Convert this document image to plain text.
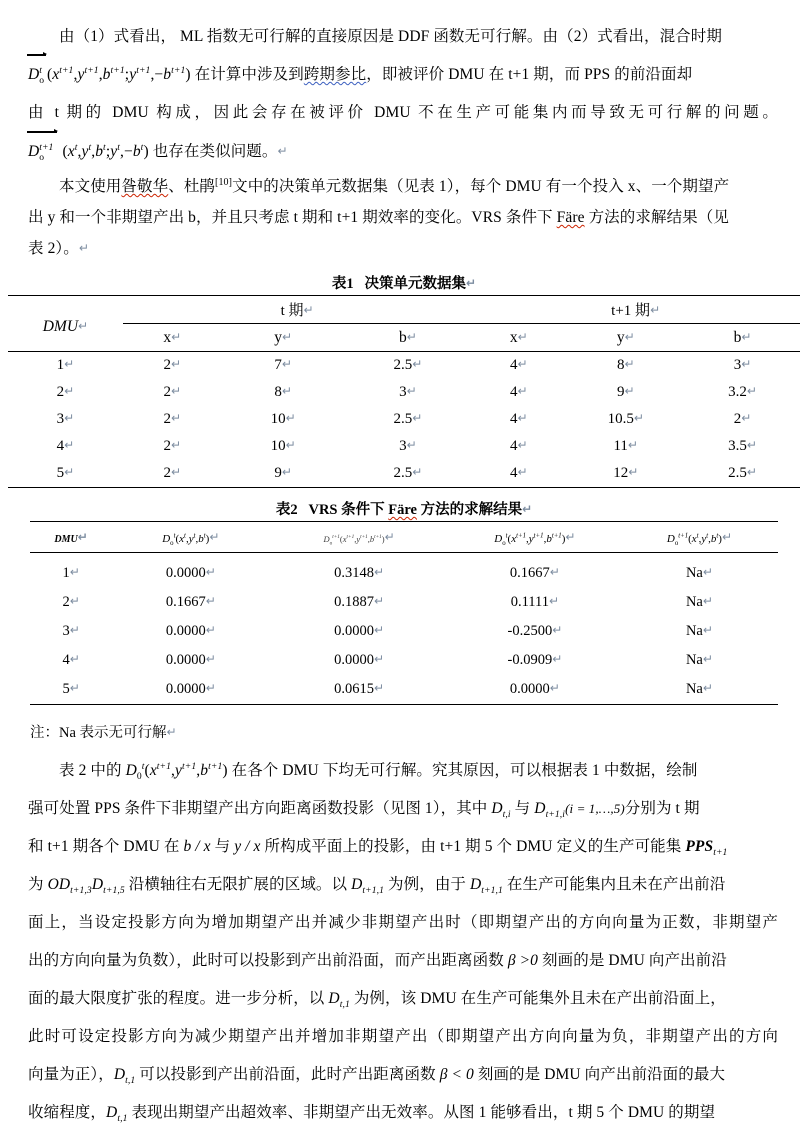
由（1）式看出， ML 指数无可行解的直接原因是 DDF 函数无可行解。由（2）式看出，混合时期

$D_o^t$ $(x^{t+1},y^{t+1},b^{t+1};y^{t+1},-b^{t+1})$ 在计算中涉及到跨期参比，即被评价 DMU 在 t+1 期，而 PPS 的前沿面却

由 t 期的 DMU 构成，因此会存在被评价 DMU 不在生产可能集内而导致无可行解的问题。

$D_o^{t+1}$ $(x^t,y^t,b^t;y^t,-b^t)$ 也存在类似问题。↵

本文使用昝敬华、杜鹃[10]文中的决策单元数据集（见表 1），每个 DMU 有一个投入 x、一个期望产

出 y 和一个非期望产出 b，并且只考虑 t 期和 t+1 期效率的变化。VRS 条件下 Färe 方法的求解结果（见

表 2）。↵

表1 决策单元数据集↵
DMU↵	t 期↵			t+1 期↵		
	x↵	y↵	b↵	x↵	y↵	b↵
1↵	2↵	7↵	2.5↵	4↵	8↵	3↵
2↵	2↵	8↵	3↵	4↵	9↵	3.2↵
3↵	2↵	10↵	2.5↵	4↵	10.5↵	2↵
4↵	2↵	10↵	3↵	4↵	11↵	3.5↵
5↵	2↵	9↵	2.5↵	4↵	12↵	2.5↵
表2 VRS 条件下 Färe 方法的求解结果↵
DMU↵	$D_o^t(x^t,y^t,b^t)↵$	$D_o^{t+1}(x^{t+1},y^{t+1},b^{t+1})↵$	$D_o^t(x^{t+1},y^{t+1},b^{t+1})↵$	$D_o^{t+1}(x^t,y^t,b^t)↵$
1↵	0.0000↵	0.3148↵	0.1667↵	Na↵
2↵	0.1667↵	0.1887↵	0.1111↵	Na↵
3↵	0.0000↵	0.0000↵	-0.2500↵	Na↵
4↵	0.0000↵	0.0000↵	-0.0909↵	Na↵
5↵	0.0000↵	0.0615↵	0.0000↵	Na↵

注：Na 表示无可行解↵

表 2 中的 $D_0^t(x^{t+1},y^{t+1},b^{t+1})$ 在各个 DMU 下均无可行解。究其原因，可以根据表 1 中数据，绘制

强可处置 PPS 条件下非期望产出方向距离函数投影（见图 1），其中 $D_{t,i}$ 与 $D_{t+1,i}(i$ = 1,…,5)分别为 t 期

和 t+1 期各个 DMU 在 b / x 与 y / x 所构成平面上的投影，由 t+1 期 5 个 DMU 定义的生产可能集 $PPS_{t+1}$

为 $OD_{t+1,3}D_{t+1,5}$ 沿横轴往右无限扩展的区域。以 $D_{t+1,1}$ 为例，由于 $D_{t+1,1}$ 在生产可能集内且未在产出前沿

面上，当设定投影方向为增加期望产出并减少非期望产出时（即期望产出的方向向量为正数，非期望产

出的方向向量为负数），此时可以投影到产出前沿面，而产出距离函数 β >0 刻画的是 DMU 向产出前沿

面的最大限度扩张的程度。进一步分析，以 $D_{t,1}$ 为例，该 DMU 在生产可能集外且未在产出前沿面上，

此时可设定投影方向为减少期望产出并增加非期望产出（即期望产出方向向量为负，非期望产出的方向

向量为正），$D_{t,1}$ 可以投影到产出前沿面，此时产出距离函数 β < 0 刻画的是 DMU 向产出前沿面的最大

收缩程度，$D_{t,1}$ 表现出期望产出超效率、非期望产出无效率。从图 1 能够看出，t 期 5 个 DMU 的期望
